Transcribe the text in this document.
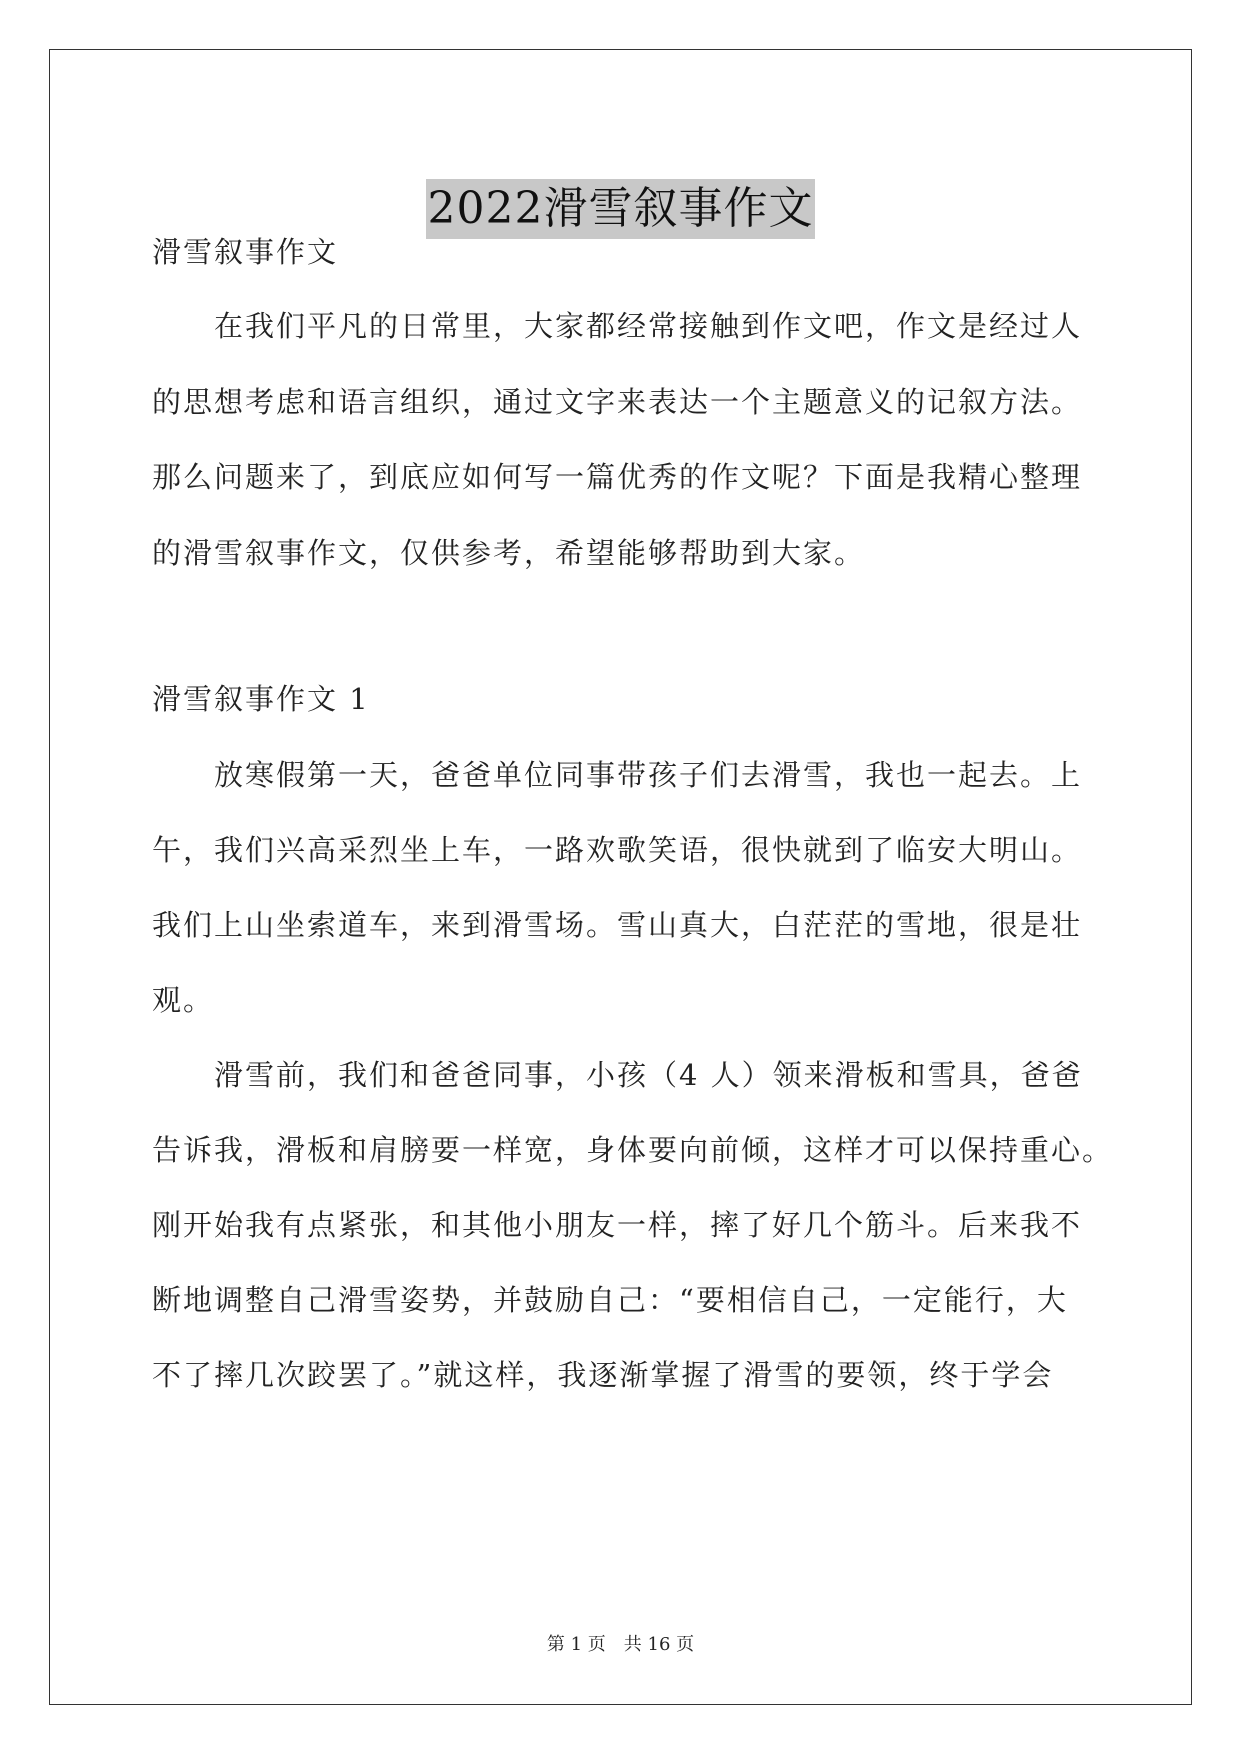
2022滑雪叙事作文

滑雪叙事作文

在我们平凡的日常里，大家都经常接触到作文吧，作文是经过人

的思想考虑和语言组织，通过文字来表达一个主题意义的记叙方法。

那么问题来了，到底应如何写一篇优秀的作文呢？下面是我精心整理

的滑雪叙事作文，仅供参考，希望能够帮助到大家。

滑雪叙事作文 1

放寒假第一天，爸爸单位同事带孩子们去滑雪，我也一起去。上

午，我们兴高采烈坐上车，一路欢歌笑语，很快就到了临安大明山。

我们上山坐索道车，来到滑雪场。雪山真大，白茫茫的雪地，很是壮

观。

滑雪前，我们和爸爸同事，小孩（4 人）领来滑板和雪具，爸爸

告诉我，滑板和肩膀要一样宽，身体要向前倾，这样才可以保持重心。

刚开始我有点紧张，和其他小朋友一样，摔了好几个筋斗。后来我不

断地调整自己滑雪姿势，并鼓励自己：“要相信自己，一定能行，大

不了摔几次跤罢了。”就这样，我逐渐掌握了滑雪的要领，终于学会

第 1 页　共 16 页
